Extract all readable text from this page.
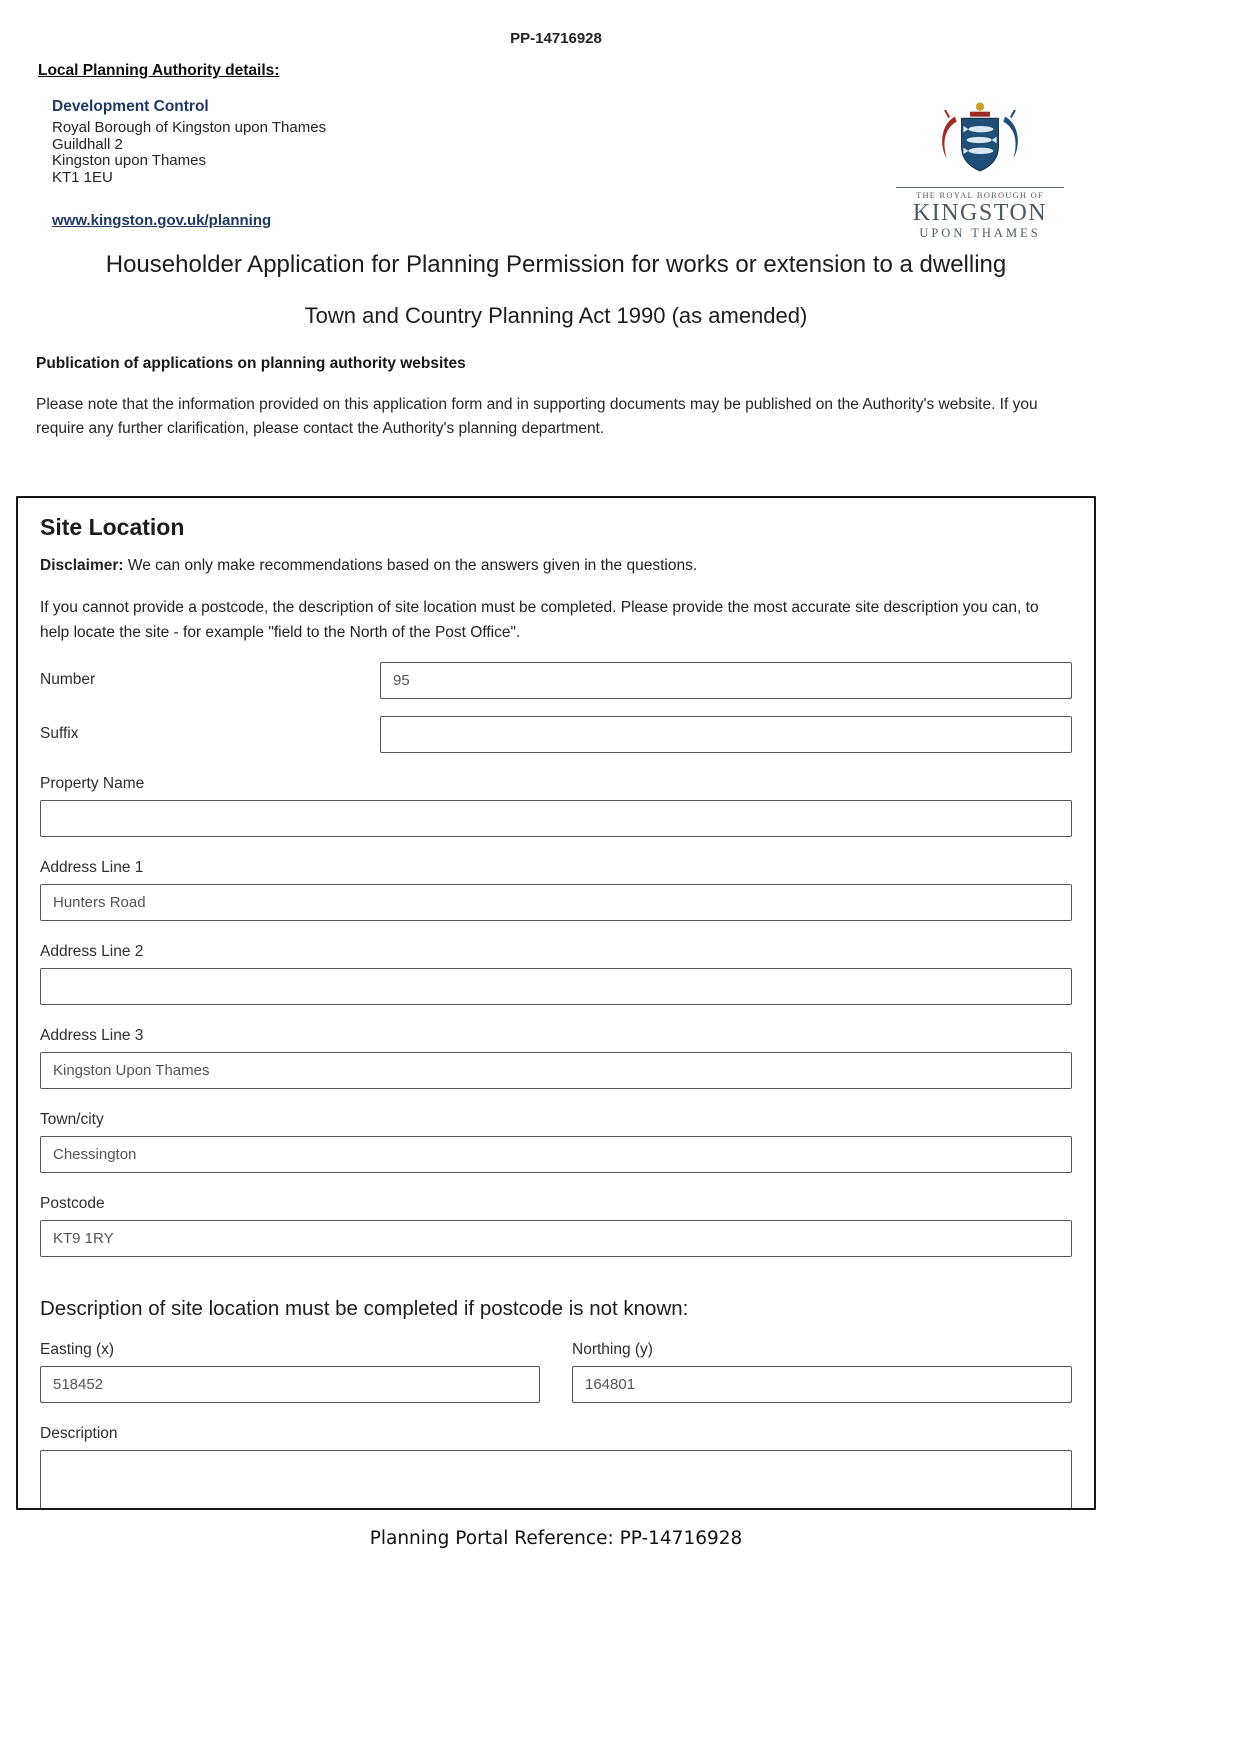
PP-14716928
Local Planning Authority details:
Development Control
Royal Borough of Kingston upon Thames
Guildhall 2
Kingston upon Thames
KT1 1EU
www.kingston.gov.uk/planning
THE ROYAL BOROUGH OF
KINGSTON
UPON THAMES
Householder Application for Planning Permission for works or extension to a dwelling
Town and Country Planning Act 1990 (as amended)
Publication of applications on planning authority websites

Please note that the information provided on this application form and in supporting documents may be published on the Authority's website. If you require any further clarification, please contact the Authority's planning department.

Site Location

Disclaimer: We can only make recommendations based on the answers given in the questions.

If you cannot provide a postcode, the description of site location must be completed. Please provide the most accurate site description you can, to help locate the site - for example "field to the North of the Post Office".

Number
95
Suffix
Property Name
Address Line 1
Hunters Road
Address Line 2
Address Line 3
Kingston Upon Thames
Town/city
Chessington
Postcode
KT9 1RY
Description of site location must be completed if postcode is not known:
Easting (x)
518452	Northing (y)
164801
Description
Planning Portal Reference: PP-14716928
